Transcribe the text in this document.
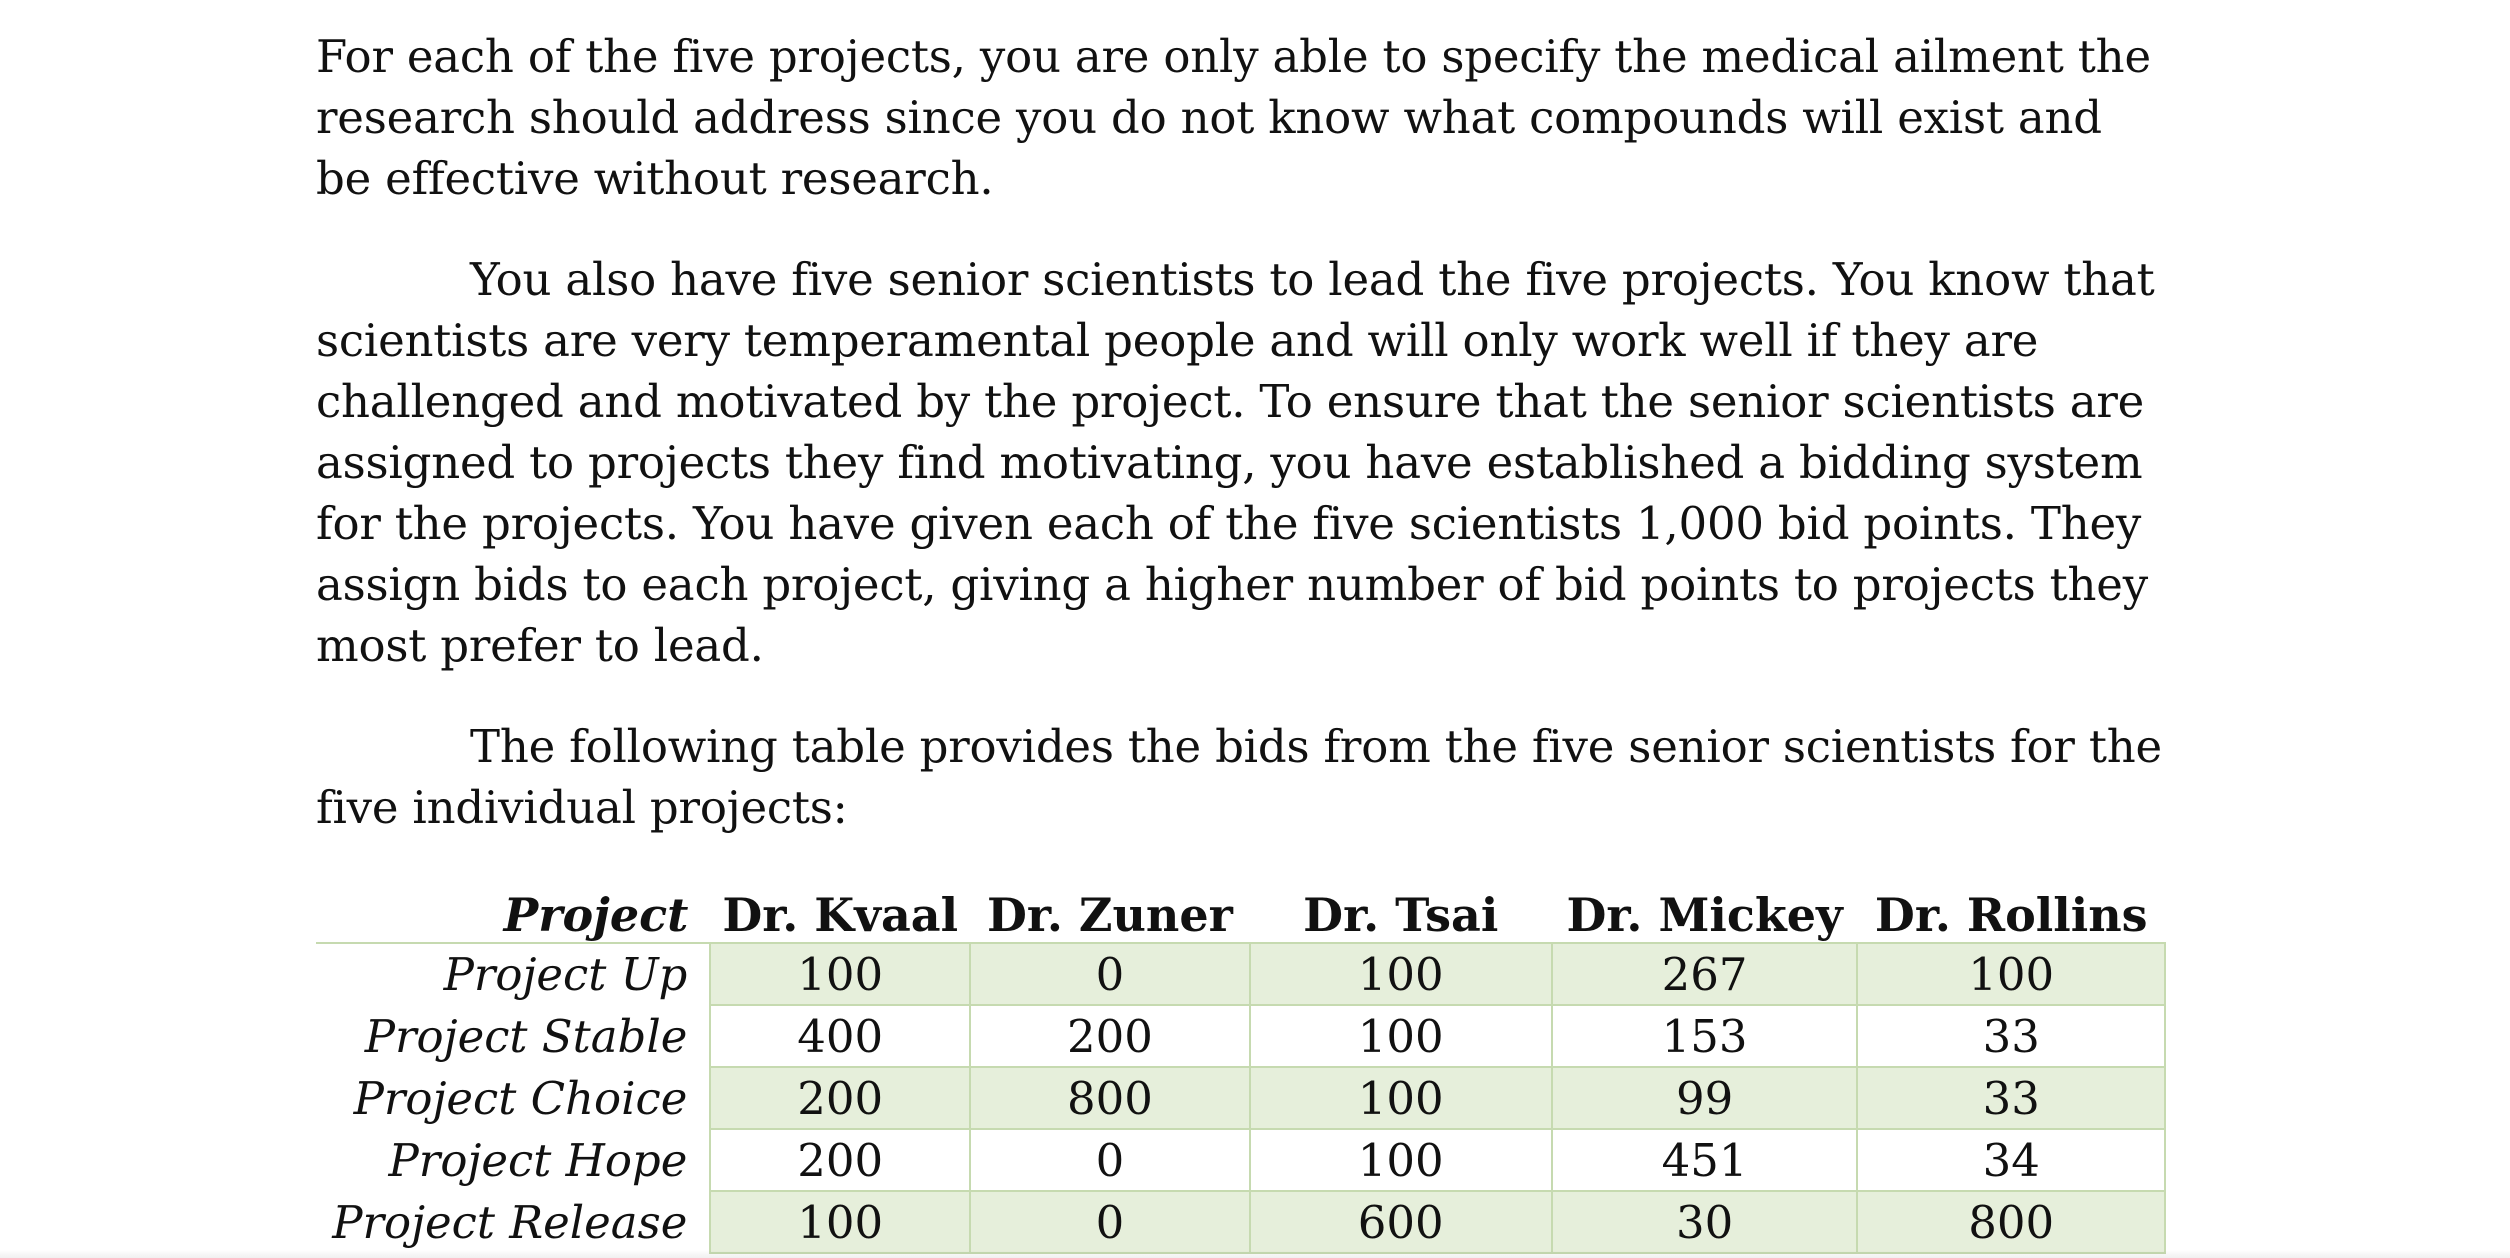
For each of the five projects, you are only able to specify the medical ailment the research should address since you do not know what compounds will exist and be effective without research.

You also have five senior scientists to lead the five projects. You know that scientists are very temperamental people and will only work well if they are challenged and motivated by the project. To ensure that the senior scientists are assigned to projects they find motivating, you have established a bidding system for the projects. You have given each of the five scientists 1,000 bid points. They assign bids to each project, giving a higher number of bid points to projects they most prefer to lead.

The following table provides the bids from the five senior scientists for the five individual projects:

Project	Dr. Kvaal	Dr. Zuner	Dr. Tsai	Dr. Mickey	Dr. Rollins
Project Up	100	0	100	267	100
Project Stable	400	200	100	153	33
Project Choice	200	800	100	99	33
Project Hope	200	0	100	451	34
Project Release	100	0	600	30	800
